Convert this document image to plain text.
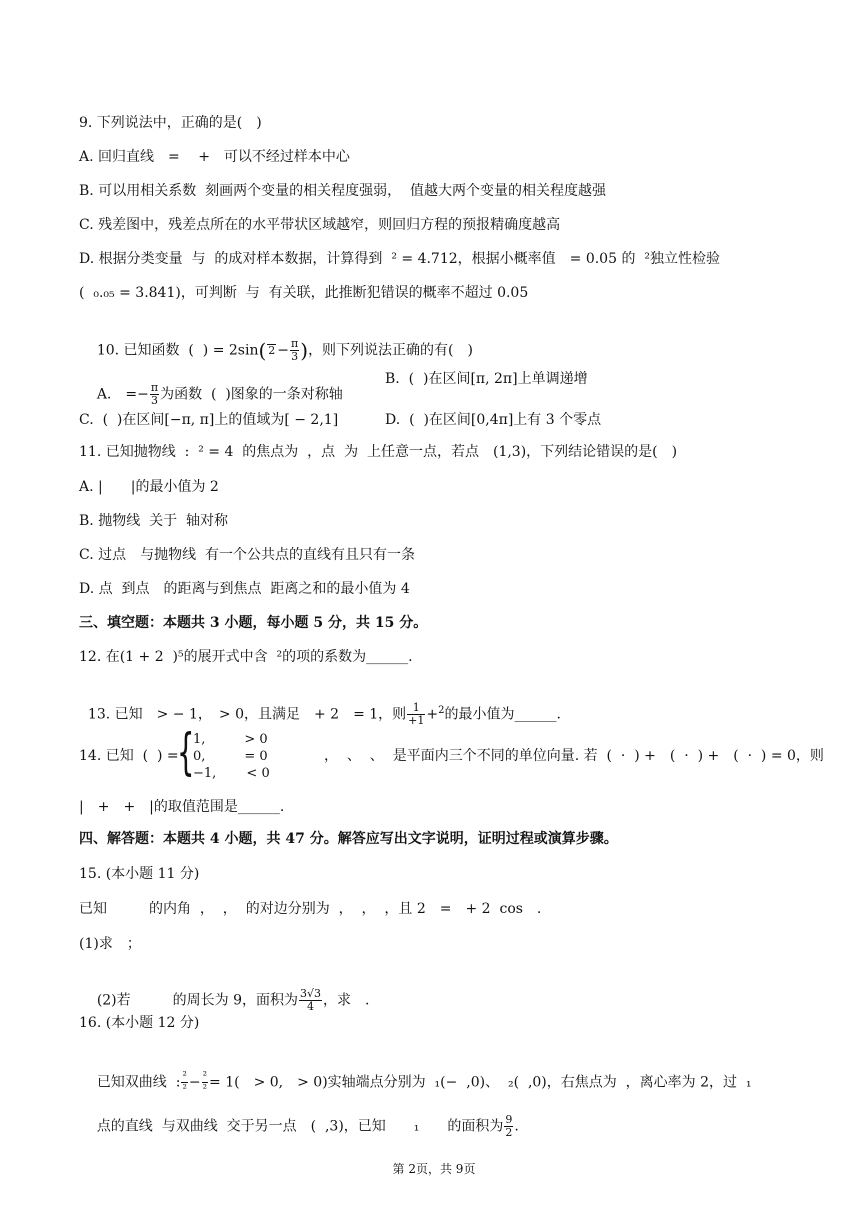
9. 下列说法中，正确的是(　)
A. 回归直线　=　 +　可以不经过样本中心
B. 可以用相关系数  刻画两个变量的相关程度强弱，  值越大两个变量的相关程度越强
C. 残差图中，残差点所在的水平带状区域越窄，则回归方程的预报精确度越高
D. 根据分类变量  与  的成对样本数据，计算得到  ² = 4.712，根据小概率值　= 0.05 的  ²独立性检验
(  ₀.₀₅ = 3.841)，可判断  与  有关联，此推断犯错误的概率不超过 0.05

10. 已知函数  (  ) = 2sin( $2 - \frac{\pi}{3}$ )，则下列说法正确的有(　)

A.　=− $\frac{\pi}{3}$ 为函数  (  )图象的一条对称轴

B.  (  )在区间[π, 2π]上单调递增
C.  (  )在区间[−π, π]上的值域为[ − 2,1]	D.  (  )在区间[0,4π]上有 3 个零点
11. 已知抛物线  :  ² = 4  的焦点为  ，点  为  上任意一点，若点　(1,3)，下列结论错误的是(　)
A. |　　|的最小值为 2
B. 抛物线  关于  轴对称
C. 过点　与抛物线  有一个公共点的直线有且只有一条
D. 点  到点　的距离与到焦点  距离之和的最小值为 4
三、填空题：本题共 3 小题，每小题 5 分，共 15 分。
12. 在(1 + 2  )⁵的展开式中含  ²的项的系数为______.

13. 已知　> − 1，　> 0，且满足　+ 2　= 1，则 $\frac{1}{+1} +^2$的最小值为______.

14. 已知  (  ) =
{
1,　　　> 0
0,　　　= 0
−1,　　 < 0
，  、  、  是平面内三个不同的单位向量. 若  (  ·  ) +　(  ·  ) +　(  ·  ) = 0，则
|　+　+　|的取值范围是______.
四、解答题：本题共 4 小题，共 47 分。解答应写出文字说明，证明过程或演算步骤。
15. (本小题 11 分)
已知　　　的内角  ，  ，  的对边分别为  ，  ，  ，且 2　=　+ 2  cos　.
(1)求　；

(2)若　　　的周长为 9，面积为 $\frac{3√3}{4}$ ，求　.

16. (本小题 12 分)

已知双曲线  : $\frac{\text{²}}{\text{²}} - \frac{\text{²}}{\text{²}} = 1$(　> 0,　> 0)实轴端点分别为  ₁(−  ,0)、  ₂(  ,0)，右焦点为  ，离心率为 2，过  ₁

点的直线  与双曲线  交于另一点　(  ,3)，已知　　₁　　的面积为 $\frac{9}{2}$ .

第 2页，共 9页
